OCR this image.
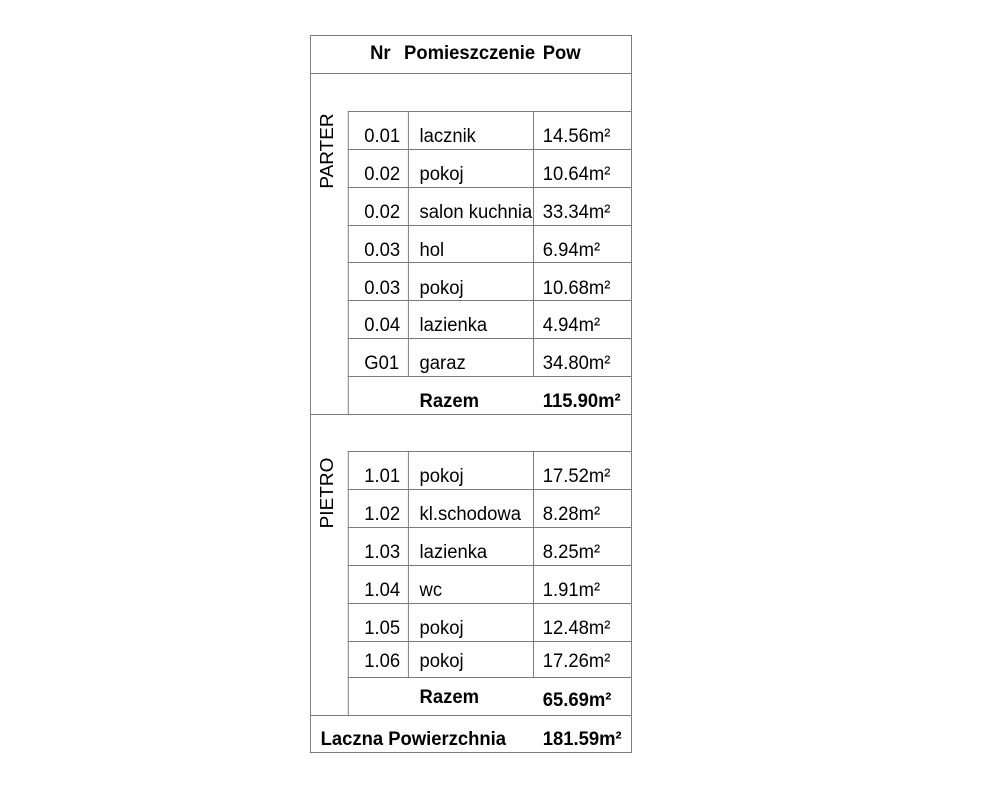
Nr Pomieszczenie Pow
PARTER 0.01 lacznik	14.56m²
0.02 pokoj	10.64m²
0.02 salon kuchnia 33.34m²
0.03 hol	6.94m²
0.03 pokoj	10.68m²
0.04 lazienka	4.94m²
G01 garaz	34.80m²
Razem	115.90m²
PIETRO 1.01 pokoj	17.52m²
1.02 kl.schodowa 8.28m²
1.03 lazienka	8.25m²
1.04 wc	1.91m²
1.05 pokoj	12.48m²
1.06 pokoj	17.26m²
Razem	65.69m²
Laczna Powierzchnia 181.59m²
